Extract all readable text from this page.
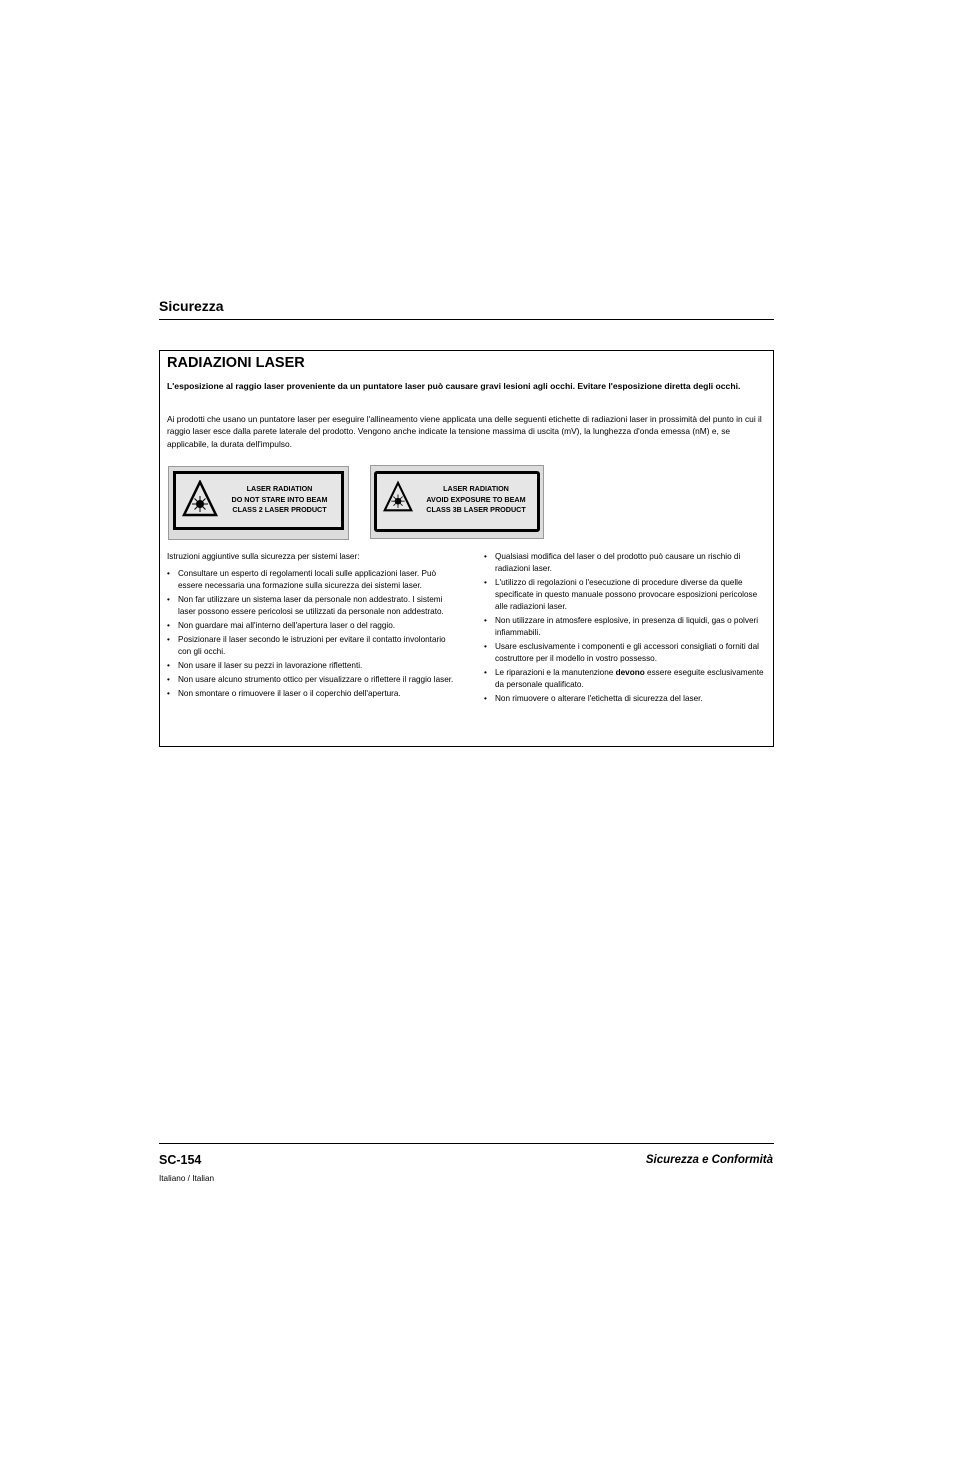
Sicurezza
RADIAZIONI LASER
L'esposizione al raggio laser proveniente da un puntatore laser può causare gravi lesioni agli occhi. Evitare l'esposizione diretta degli occhi.
Ai prodotti che usano un puntatore laser per eseguire l'allineamento viene applicata una delle seguenti etichette di radiazioni laser in prossimità del punto in cui il raggio laser esce dalla parete laterale del prodotto. Vengono anche indicate la tensione massima di uscita (mV), la lunghezza d'onda emessa (nM) e, se applicabile, la durata dell'impulso.
LASER RADIATION
DO NOT STARE INTO BEAM
CLASS 2 LASER PRODUCT
LASER RADIATION
AVOID EXPOSURE TO BEAM
CLASS 3B LASER PRODUCT

Istruzioni aggiuntive sulla sicurezza per sistemi laser:

• Consultare un esperto di regolamenti locali sulle applicazioni laser. Può essere necessaria una formazione sulla sicurezza dei sistemi laser.
• Non far utilizzare un sistema laser da personale non addestrato. I sistemi laser possono essere pericolosi se utilizzati da personale non addestrato.
• Non guardare mai all'interno dell'apertura laser o del raggio.
• Posizionare il laser secondo le istruzioni per evitare il contatto involontario con gli occhi.
• Non usare il laser su pezzi in lavorazione riflettenti.
• Non usare alcuno strumento ottico per visualizzare o riflettere il raggio laser.
• Non smontare o rimuovere il laser o il coperchio dell'apertura.
• Qualsiasi modifica del laser o del prodotto può causare un rischio di radiazioni laser.
• L'utilizzo di regolazioni o l'esecuzione di procedure diverse da quelle specificate in questo manuale possono provocare esposizioni pericolose alle radiazioni laser.
• Non utilizzare in atmosfere esplosive, in presenza di liquidi, gas o polveri infiammabili.
• Usare esclusivamente i componenti e gli accessori consigliati o forniti dal costruttore per il modello in vostro possesso.
• Le riparazioni e la manutenzione devono essere eseguite esclusivamente da personale qualificato.
• Non rimuovere o alterare l'etichetta di sicurezza del laser.
SC-154	Sicurezza e Conformità
Italiano / Italian
